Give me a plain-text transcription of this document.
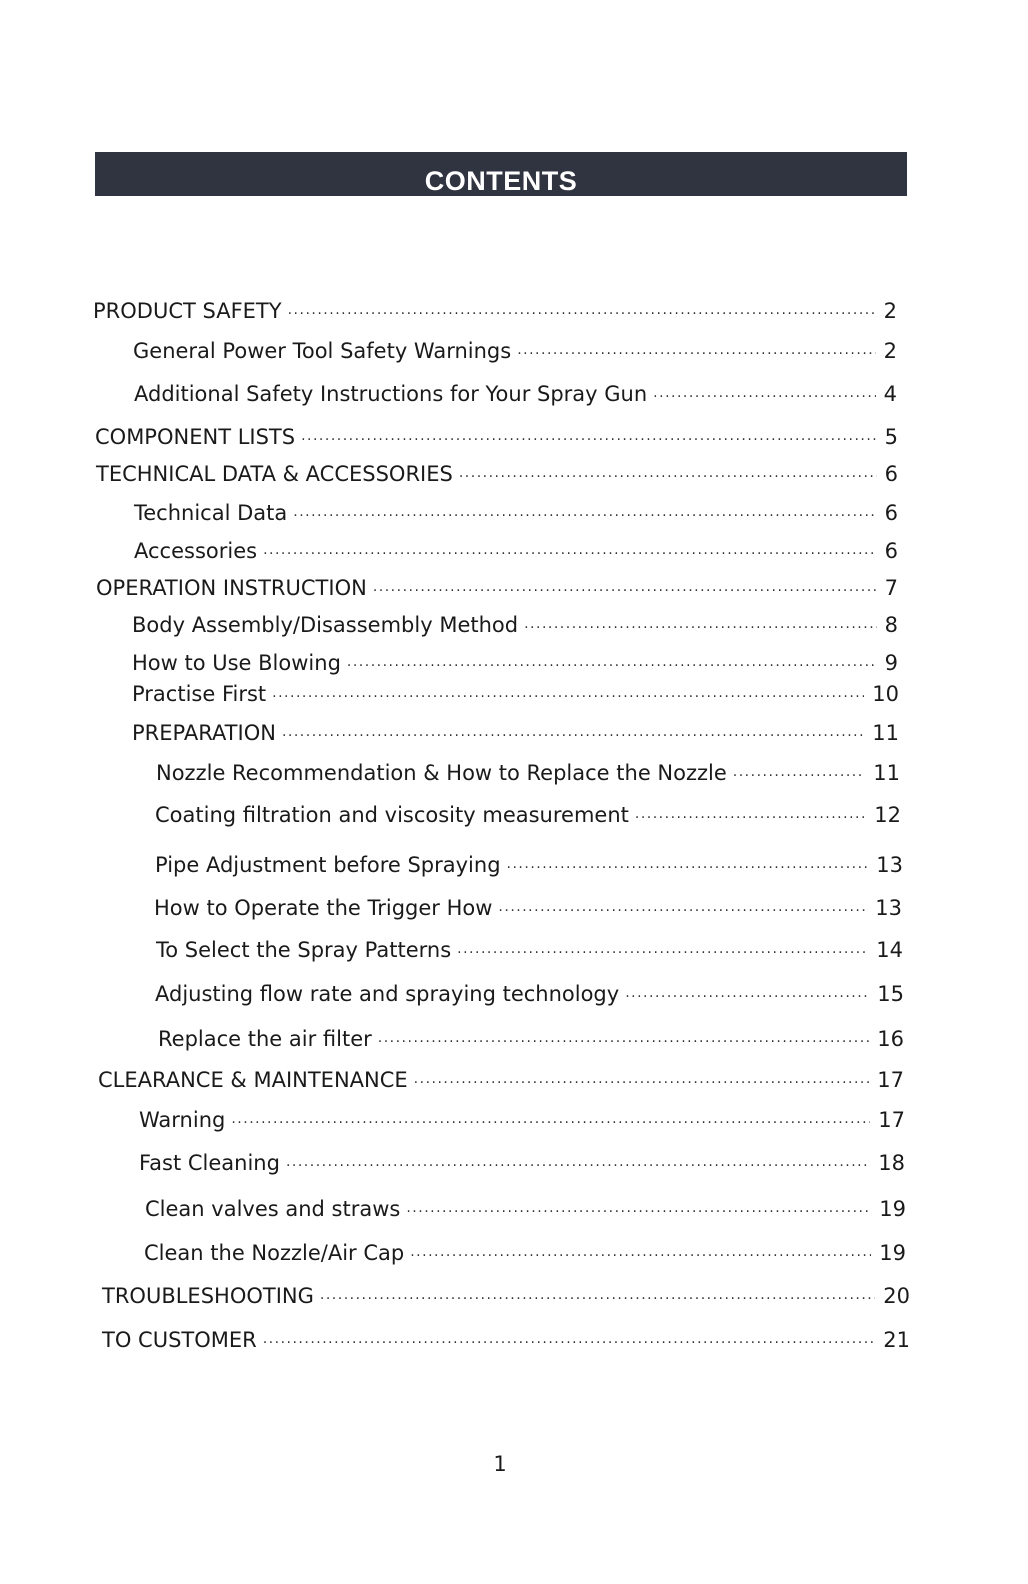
CONTENTS
PRODUCT SAFETY ·····	2
General Power Tool Safety Warnings ·····	2
Additional Safety Instructions for Your Spray Gun ·····	4
COMPONENT LISTS ·····	5
TECHNICAL DATA & ACCESSORIES ·····	6
Technical Data ·····	6
Accessories ·····	6
OPERATION INSTRUCTION ·····	7
Body Assembly/Disassembly Method ·····	8
How to Use Blowing ·····	9
Practise First ·····	10
PREPARATION ·····	11
Nozzle Recommendation & How to Replace the Nozzle ·····	11
Coating filtration and viscosity measurement ·····	12
Pipe Adjustment before Spraying ·····	13
How to Operate the Trigger How ·····	13
To Select the Spray Patterns ·····	14
Adjusting flow rate and spraying technology ·····	15
Replace the air filter ·····	16
CLEARANCE & MAINTENANCE ·····	17
Warning ·····	17
Fast Cleaning ·····	18
Clean valves and straws ·····	19
Clean the Nozzle/Air Cap ·····	19
TROUBLESHOOTING ·····	20
TO CUSTOMER ·····	21
1
